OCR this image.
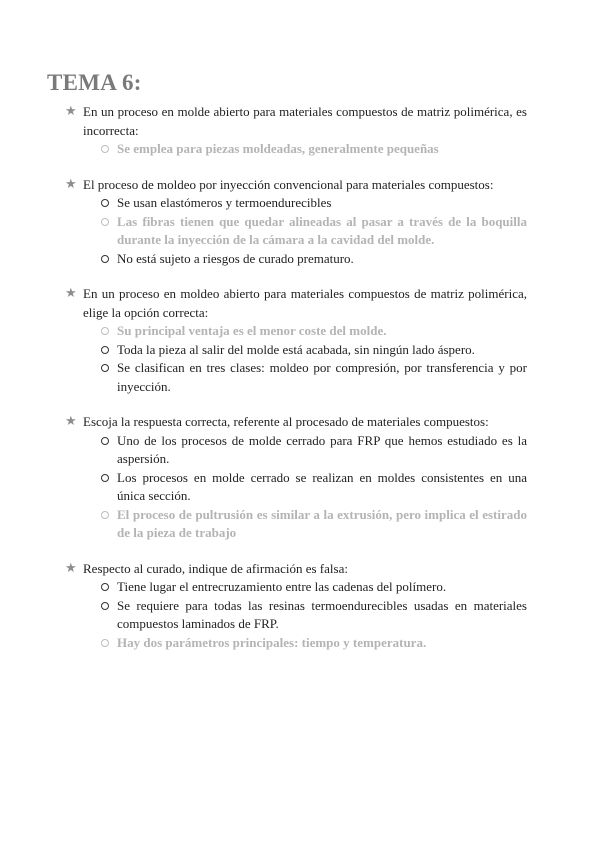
TEMA 6:
★ En un proceso en molde abierto para materiales compuestos de matriz polimérica, es incorrecta:
Se emplea para piezas moldeadas, generalmente pequeñas
★ El proceso de moldeo por inyección convencional para materiales compuestos:
Se usan elastómeros y termoendurecibles
Las fibras tienen que quedar alineadas al pasar a través de la boquilla durante la inyección de la cámara a la cavidad del molde.
No está sujeto a riesgos de curado prematuro.
★ En un proceso en moldeo abierto para materiales compuestos de matriz polimérica, elige la opción correcta:
Su principal ventaja es el menor coste del molde.
Toda la pieza al salir del molde está acabada, sin ningún lado áspero.
Se clasifican en tres clases: moldeo por compresión, por transferencia y por inyección.
★ Escoja la respuesta correcta, referente al procesado de materiales compuestos:
Uno de los procesos de molde cerrado para FRP que hemos estudiado es la aspersión.
Los procesos en molde cerrado se realizan en moldes consistentes en una única sección.
El proceso de pultrusión es similar a la extrusión, pero implica el estirado de la pieza de trabajo
★ Respecto al curado, indique de afirmación es falsa:
Tiene lugar el entrecruzamiento entre las cadenas del polímero.
Se requiere para todas las resinas termoendurecibles usadas en materiales compuestos laminados de FRP.
Hay dos parámetros principales: tiempo y temperatura.
